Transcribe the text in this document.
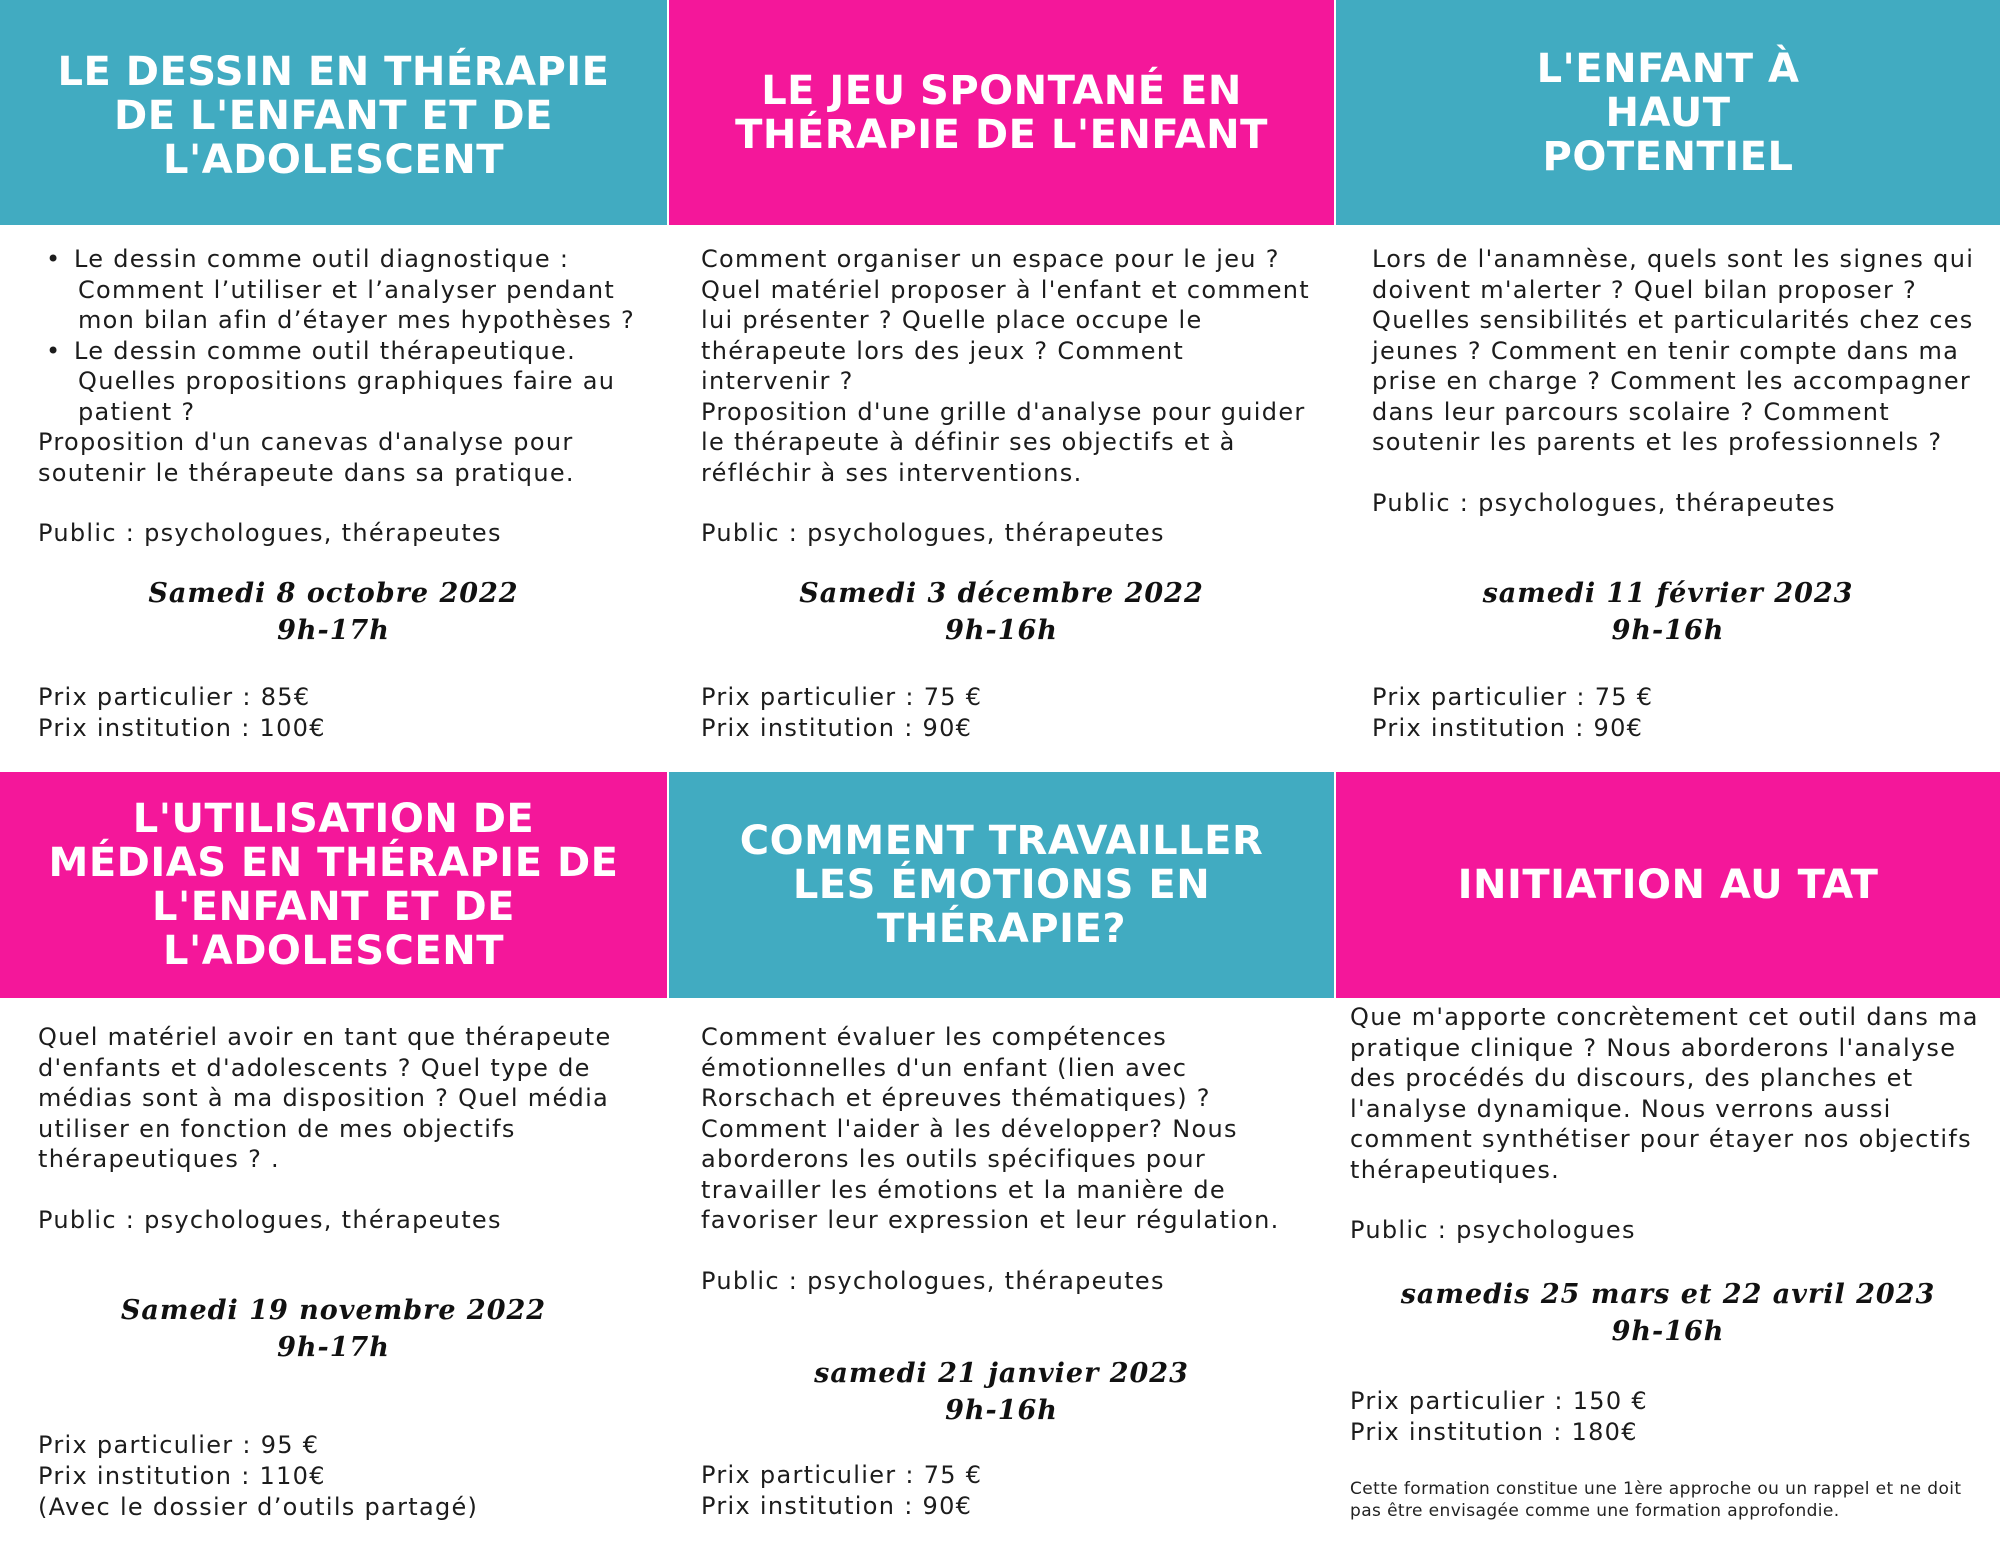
LE DESSIN EN THÉRAPIE DE L'ENFANT ET DE L'ADOLESCENT
• Le dessin comme outil diagnostique : Comment l’utiliser et l’analyser pendant mon bilan afin d’étayer mes hypothèses ?
• Le dessin comme outil thérapeutique. Quelles propositions graphiques faire au patient ?

Proposition d'un canevas d'analyse pour soutenir le thérapeute dans sa pratique.

Public : psychologues, thérapeutes

Samedi 8 octobre 2022
9h-17h
Prix particulier : 85€
Prix institution : 100€
LE JEU SPONTANÉ EN THÉRAPIE DE L'ENFANT

Comment organiser un espace pour le jeu ? Quel matériel proposer à l'enfant et comment lui présenter ? Quelle place occupe le thérapeute lors des jeux ? Comment intervenir ?

Proposition d'une grille d'analyse pour guider le thérapeute à définir ses objectifs et à réfléchir à ses interventions.

Public : psychologues, thérapeutes

Samedi 3 décembre 2022
9h-16h
Prix particulier : 75 €
Prix institution : 90€
L'ENFANT À HAUT POTENTIEL

Lors de l'anamnèse, quels sont les signes qui doivent m'alerter ? Quel bilan proposer ? Quelles sensibilités et particularités chez ces jeunes ? Comment en tenir compte dans ma prise en charge ? Comment les accompagner dans leur parcours scolaire ? Comment soutenir les parents et les professionnels ?

Public : psychologues, thérapeutes

samedi 11 février 2023
9h-16h
Prix particulier : 75 €
Prix institution : 90€
L'UTILISATION DE MÉDIAS EN THÉRAPIE DE L'ENFANT ET DE L'ADOLESCENT

Quel matériel avoir en tant que thérapeute d'enfants et d'adolescents ? Quel type de médias sont à ma disposition ? Quel média utiliser en fonction de mes objectifs thérapeutiques ? .

Public : psychologues, thérapeutes

Samedi 19 novembre 2022
9h-17h
Prix particulier : 95 €
Prix institution : 110€
(Avec le dossier d’outils partagé)
COMMENT TRAVAILLER LES ÉMOTIONS EN THÉRAPIE?

Comment évaluer les compétences émotionnelles d'un enfant (lien avec Rorschach et épreuves thématiques) ? Comment l'aider à les développer? Nous aborderons les outils spécifiques pour travailler les émotions et la manière de favoriser leur expression et leur régulation.

Public : psychologues, thérapeutes

samedi 21 janvier 2023
9h-16h
Prix particulier : 75 €
Prix institution : 90€
INITIATION AU TAT

Que m'apporte concrètement cet outil dans ma pratique clinique ? Nous aborderons l'analyse des procédés du discours, des planches et l'analyse dynamique. Nous verrons aussi comment synthétiser pour étayer nos objectifs thérapeutiques.

Public : psychologues

samedis 25 mars et 22 avril 2023
9h-16h
Prix particulier : 150 €
Prix institution : 180€
Cette formation constitue une 1ère approche ou un rappel et ne doit pas être envisagée comme une formation approfondie.
